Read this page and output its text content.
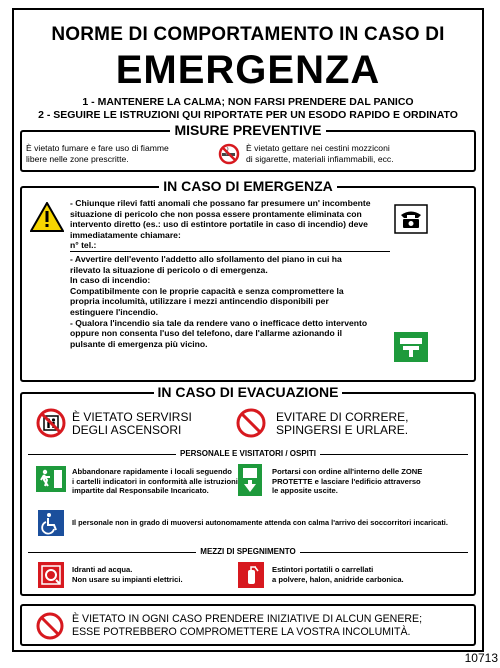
NORME DI COMPORTAMENTO IN CASO DI
EMERGENZA
1 - MANTENERE LA CALMA; NON FARSI PRENDERE DAL PANICO
2 - SEGUIRE LE ISTRUZIONI QUI RIPORTATE PER UN ESODO RAPIDO E ORDINATO
MISURE PREVENTIVE
È vietato fumare e fare uso di fiamme
libere nelle zone prescritte.
È vietato gettare nei cestini mozziconi
di sigarette, materiali infiammabili, ecc.
IN CASO DI EMERGENZA
- Chiunque rilevi fatti anomali che possano far presumere un' incombente
situazione di pericolo che non possa essere prontamente eliminata con
intervento diretto (es.: uso di estintore portatile in caso di incendio) deve
immediatamente chiamare:
n° tel.:
- Avvertire dell'evento l'addetto allo sfollamento del piano in cui ha
rilevato la situazione di pericolo o di emergenza.
In caso di incendio:
Compatibilmente con le proprie capacità e senza compromettere la
propria incolumità, utilizzare i mezzi antincendio disponibili per
estinguere l'incendio.
- Qualora l'incendio sia tale da rendere vano o inefficace detto intervento
oppure non consenta l'uso del telefono, dare l'allarme azionando il
pulsante di emergenza più vicino.
IN CASO DI EVACUAZIONE
È VIETATO SERVIRSI
DEGLI ASCENSORI
EVITARE DI CORRERE,
SPINGERSI E URLARE.
PERSONALE E VISITATORI / OSPITI
Abbandonare rapidamente i locali seguendo
i cartelli indicatori in conformità alle istruzioni
impartite dal Responsabile Incaricato.
Portarsi con ordine all'interno delle ZONE
PROTETTE e lasciare l'edificio attraverso
le apposite uscite.
Il personale non in grado di muoversi autonomamente attenda con calma l'arrivo dei soccorritori incaricati.
MEZZI DI SPEGNIMENTO
Idranti ad acqua.
Non usare su impianti elettrici.
Estintori portatili o carrellati
a polvere, halon, anidride carbonica.
È VIETATO IN OGNI CASO PRENDERE INIZIATIVE DI ALCUN GENERE;
ESSE POTREBBERO COMPROMETTERE LA VOSTRA INCOLUMITÀ.
10713
